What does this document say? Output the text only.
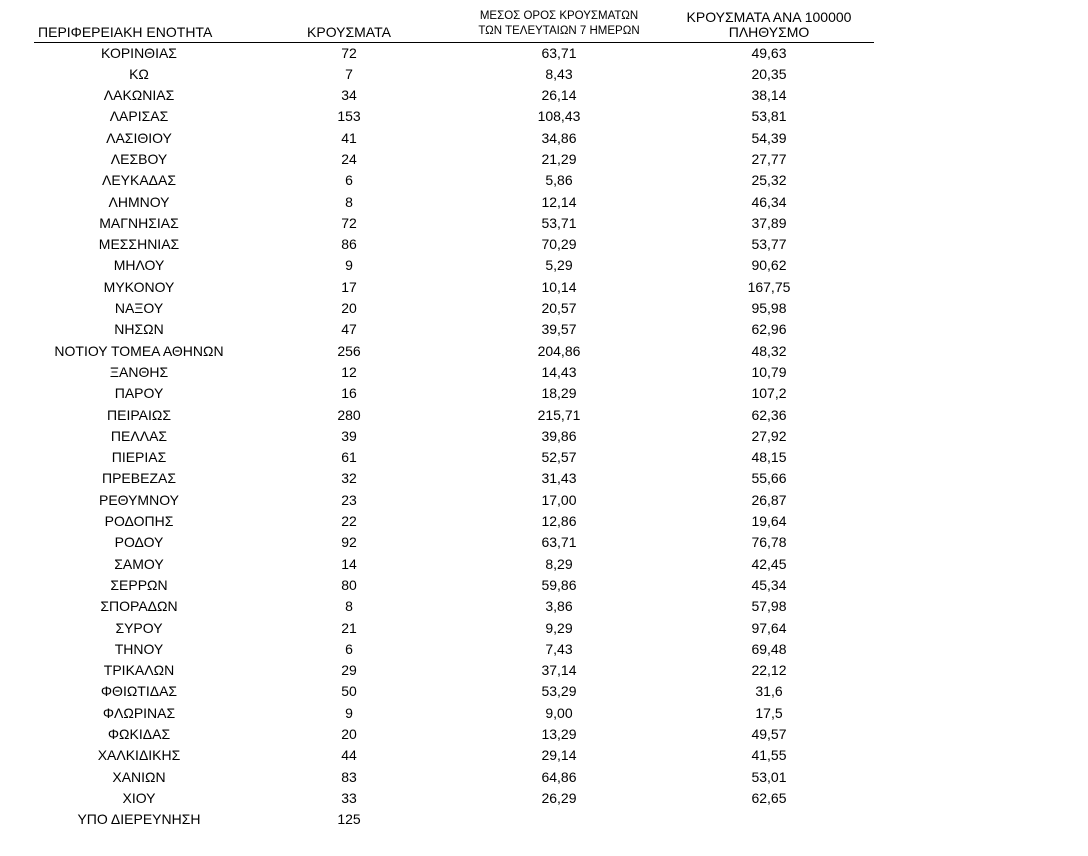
ΠΕΡΙΦΕΡΕΙΑΚΗ ΕΝΟΤΗΤΑ	ΚΡΟΥΣΜΑΤΑ	ΜΕΣΟΣ ΟΡΟΣ ΚΡΟΥΣΜΑΤΩΝ
ΤΩΝ ΤΕΛΕΥΤΑΙΩΝ 7 ΗΜΕΡΩΝ	ΚΡΟΥΣΜΑΤΑ ΑΝΑ 100000
ΠΛΗΘΥΣΜΟ

ΚΟΡΙΝΘΙΑΣ	72	63,71	49,63
ΚΩ	7	8,43	20,35
ΛΑΚΩΝΙΑΣ	34	26,14	38,14
ΛΑΡΙΣΑΣ	153	108,43	53,81
ΛΑΣΙΘΙΟΥ	41	34,86	54,39
ΛΕΣΒΟΥ	24	21,29	27,77
ΛΕΥΚΑΔΑΣ	6	5,86	25,32
ΛΗΜΝΟΥ	8	12,14	46,34
ΜΑΓΝΗΣΙΑΣ	72	53,71	37,89
ΜΕΣΣΗΝΙΑΣ	86	70,29	53,77
ΜΗΛΟΥ	9	5,29	90,62
ΜΥΚΟΝΟΥ	17	10,14	167,75
ΝΑΞΟΥ	20	20,57	95,98
ΝΗΣΩΝ	47	39,57	62,96
ΝΟΤΙΟΥ ΤΟΜΕΑ ΑΘΗΝΩΝ	256	204,86	48,32
ΞΑΝΘΗΣ	12	14,43	10,79
ΠΑΡΟΥ	16	18,29	107,2
ΠΕΙΡΑΙΩΣ	280	215,71	62,36
ΠΕΛΛΑΣ	39	39,86	27,92
ΠΙΕΡΙΑΣ	61	52,57	48,15
ΠΡΕΒΕΖΑΣ	32	31,43	55,66
ΡΕΘΥΜΝΟΥ	23	17,00	26,87
ΡΟΔΟΠΗΣ	22	12,86	19,64
ΡΟΔΟΥ	92	63,71	76,78
ΣΑΜΟΥ	14	8,29	42,45
ΣΕΡΡΩΝ	80	59,86	45,34
ΣΠΟΡΑΔΩΝ	8	3,86	57,98
ΣΥΡΟΥ	21	9,29	97,64
ΤΗΝΟΥ	6	7,43	69,48
ΤΡΙΚΑΛΩΝ	29	37,14	22,12
ΦΘΙΩΤΙΔΑΣ	50	53,29	31,6
ΦΛΩΡΙΝΑΣ	9	9,00	17,5
ΦΩΚΙΔΑΣ	20	13,29	49,57
ΧΑΛΚΙΔΙΚΗΣ	44	29,14	41,55
ΧΑΝΙΩΝ	83	64,86	53,01
ΧΙΟΥ	33	26,29	62,65
ΥΠΟ ΔΙΕΡΕΥΝΗΣΗ	125		
